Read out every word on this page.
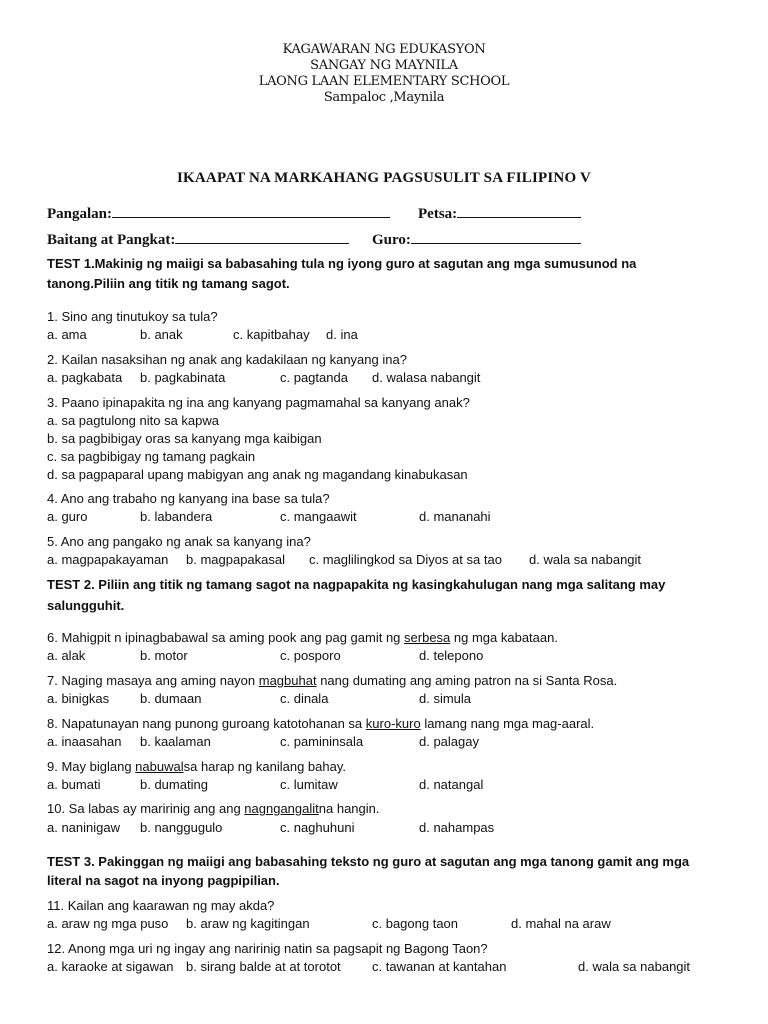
KAGAWARAN NG EDUKASYON
SANGAY NG MAYNILA
LAONG LAAN ELEMENTARY SCHOOL
Sampaloc ,Maynila
IKAAPAT NA MARKAHANG PAGSUSULIT SA FILIPINO V
Pangalan:	Petsa:
Baitang at Pangkat:	Guro:
TEST 1.Makinig ng maiigi sa babasahing tula ng iyong guro at sagutan ang mga sumusunod na
tanong.Piliin ang titik ng tamang sagot.
1. Sino ang tinutukoy sa tula?
a. ama	b. anak	c. kapitbahay d. ina
2. Kailan nasaksihan ng anak ang kadakilaan ng kanyang ina?
a. pagkabata b. pagkabinata	c. pagtanda d. walasa nabangit
3. Paano ipinapakita ng ina ang kanyang pagmamahal sa kanyang anak?
a. sa pagtulong nito sa kapwa
b. sa pagbibigay oras sa kanyang mga kaibigan
c. sa pagbibigay ng tamang pagkain
d. sa pagpaparal upang mabigyan ang anak ng magandang kinabukasan
4. Ano ang trabaho ng kanyang ina base sa tula?
a. guro	b. labandera	c. mangaawit	d. mananahi
5. Ano ang pangako ng anak sa kanyang ina?
a. magpapakayaman b. magpapakasal c. maglilingkod sa Diyos at sa tao d. wala sa nabangit
TEST 2. Piliin ang titik ng tamang sagot na nagpapakita ng kasingkahulugan nang mga salitang may
salungguhit.
6. Mahigpit n ipinagbabawal sa aming pook ang pag gamit ng serbesa ng mga kabataan.
a. alak	b. motor	c. posporo	d. telepono
7. Naging masaya ang aming nayon magbuhat nang dumating ang aming patron na si Santa Rosa.
a. binigkas b. dumaan	c. dinala	d. simula
8. Napatunayan nang punong guroang katotohanan sa kuro-kuro lamang nang mga mag-aaral.
a. inaasahan b. kaalaman	c. pamininsala	d. palagay
9. May biglang nabuwalsa harap ng kanilang bahay.
a. bumati	b. dumating	c. lumitaw	d. natangal
10. Sa labas ay maririnig ang ang nagngangalitna hangin.
a. naninigaw b. nanggugulo	c. naghuhuni	d. nahampas
TEST 3. Pakinggan ng maiigi ang babasahing teksto ng guro at sagutan ang mga tanong gamit ang mga
literal na sagot na inyong pagpipilian.
11. Kailan ang kaarawan ng may akda?
a. araw ng mga puso b. araw ng kagitingan	c. bagong taon	d. mahal na araw
12. Anong mga uri ng ingay ang naririnig natin sa pagsapit ng Bagong Taon?
a. karaoke at sigawan b. sirang balde at at torotot c. tawanan at kantahan	d. wala sa nabangit
